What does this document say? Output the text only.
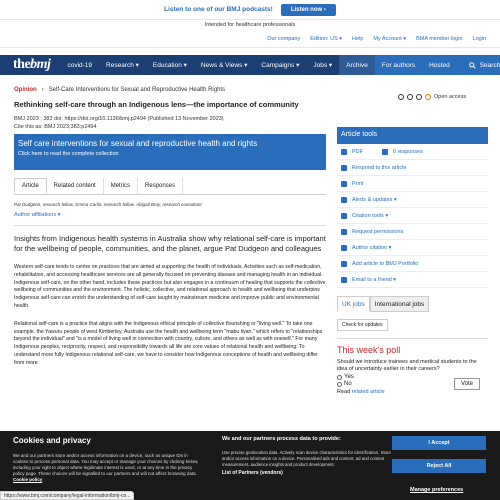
Listen to one of our BMJ podcasts!	Listen now ›
Intended for healthcare professionals
Our company Edition: US ▾ Help My Account ▾ BMA member login Login
thebmj	covid-19	Research ▾	Education ▾	News & Views ▾	Campaigns ▾	Jobs ▾	Archive	For authors	Hosted	Search
Open access
Opinion › Self-Care Interventions for Sexual and Reproductive Health Rights
Rethinking self-care through an Indigenous lens—the importance of community
BMJ 2023 ; 383 doi: https://doi.org/10.1136/bmj.p2494 (Published 13 November 2023)
Cite this as: BMJ 2023;383:p2494
Self care interventions for sexual and reproductive health and rights
Click here to read the complete collection
Article	Related content	Metrics	Responses
Pat Dudgeon, research fellow, Emma Carlin, research fellow, Abigail Bray, research consultant
Author affiliations ▾
Insights from Indigenous health systems in Australia show why relational self-care is important for the wellbeing of people, communities, and the planet, argue Pat Dudgeon and colleagues

Western self-care tends to centre on practices that are aimed at supporting the health of individuals. Activities such as self-medication, rehabilitation, and accessing healthcare services are all generally focused on preventing disease and managing health in an individual. Indigenous self-care, on the other hand, includes these practices but also engages in a continuum of healing that supports the collective wellbeing of communities and the environment. The holistic, collective, and relational approach to health and wellbeing that underpins Indigenous self-care can enrich the understanding of self-care taught by mainstream medicine and improve public and environmental health.

Relational self-care is a practice that aligns with the Indigenous ethical principle of collective flourishing or "living well." To take one example, the Yawuru people of west Kimberley, Australia use the health and wellbeing term "mabu liyan," which refers to "relationships beyond the individual" and "is a model of living well in connection with country, culture, and others as well as with oneself." For many Indigenous peoples, reciprocity, respect, and responsibility towards all life are core values of relational health and wellbeing. To understand more fully Indigenous relational self-care, we have to consider how Indigenous conceptions of health and wellbeing differ from more

Article tools
PDF	0 responses
Respond to this article
Print
Alerts & updates ▾
Citation tools ▾
Request permissions
Author citation ▾
Add article to BMJ Portfolio
Email to a friend ▾
UK jobs	International jobs
Check for updates
This week's poll
Should we introduce trainees and medical students to the idea of uncertainty earlier in their careers?
Yes
No	Vote
Read related article
Cookies and privacy

We and our partners store and/or access information on a device, such as unique IDs in cookies to process personal data. You may accept or manage your choices by clicking below, including your right to object where legitimate interest is used, or at any time in the privacy policy page. These choices will be signalled to our partners and will not affect browsing data. Cookie policy

We and our partners process data to provide:

Use precise geolocation data. Actively scan device characteristics for identification. Store and/or access information on a device. Personalised ads and content, ad and content measurement, audience insights and product development.

List of Partners (vendors)
I Accept
Reject All
Manage preferences
https://www.bmj.com/company/legal-information/bmj-co...
